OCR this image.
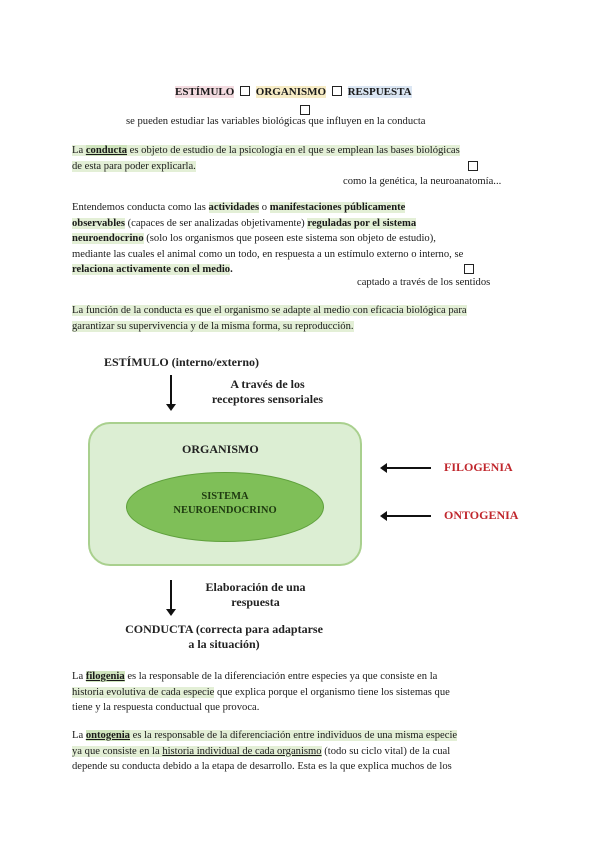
ESTÍMULO ORGANISMO RESPUESTA
se pueden estudiar las variables biológicas que influyen en la conducta
La conducta es objeto de estudio de la psicología en el que se emplean las bases biológicas
de esta para poder explicarla.
como la genética, la neuroanatomía...
Entendemos conducta como las actividades o manifestaciones públicamente
observables (capaces de ser analizadas objetivamente) reguladas por el sistema
neuroendocrino (solo los organismos que poseen este sistema son objeto de estudio),
mediante las cuales el animal como un todo, en respuesta a un estímulo externo o interno, se
relaciona activamente con el medio.
captado a través de los sentidos
La función de la conducta es que el organismo se adapte al medio con eficacia biológica para
garantizar su supervivencia y de la misma forma, su reproducción.
ESTÍMULO (interno/externo)
A través de los
receptores sensoriales
ORGANISMO
SISTEMA
NEUROENDOCRINO
FILOGENIA
ONTOGENIA
Elaboración de una
respuesta
CONDUCTA (correcta para adaptarse
a la situación)
La filogenia es la responsable de la diferenciación entre especies ya que consiste en la
historia evolutiva de cada especie que explica porque el organismo tiene los sistemas que
tiene y la respuesta conductual que provoca.
La ontogenia es la responsable de la diferenciación entre individuos de una misma especie
ya que consiste en la historia individual de cada organismo (todo su ciclo vital) de la cual
depende su conducta debido a la etapa de desarrollo. Esta es la que explica muchos de los
